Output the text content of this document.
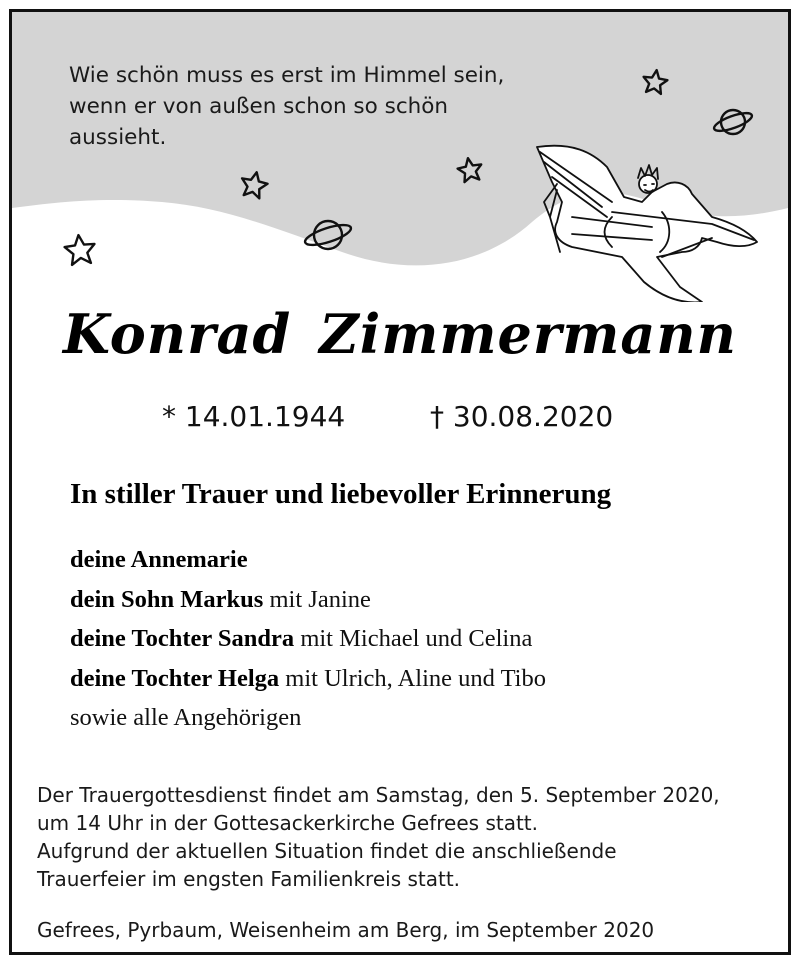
Wie schön muss es erst im Himmel sein,
wenn er von außen schon so schön
aussieht.
Konrad Zimmermann
* 14.01.1944	† 30.08.2020
In stiller Trauer und liebevoller Erinnerung
deine Annemarie
dein Sohn Markus mit Janine
deine Tochter Sandra mit Michael und Celina
deine Tochter Helga mit Ulrich, Aline und Tibo
sowie alle Angehörigen
Der Trauergottesdienst findet am Samstag, den 5. September 2020,
um 14 Uhr in der Gottesackerkirche Gefrees statt.
Aufgrund der aktuellen Situation findet die anschließende
Trauerfeier im engsten Familienkreis statt.
Gefrees, Pyrbaum, Weisenheim am Berg, im September 2020
